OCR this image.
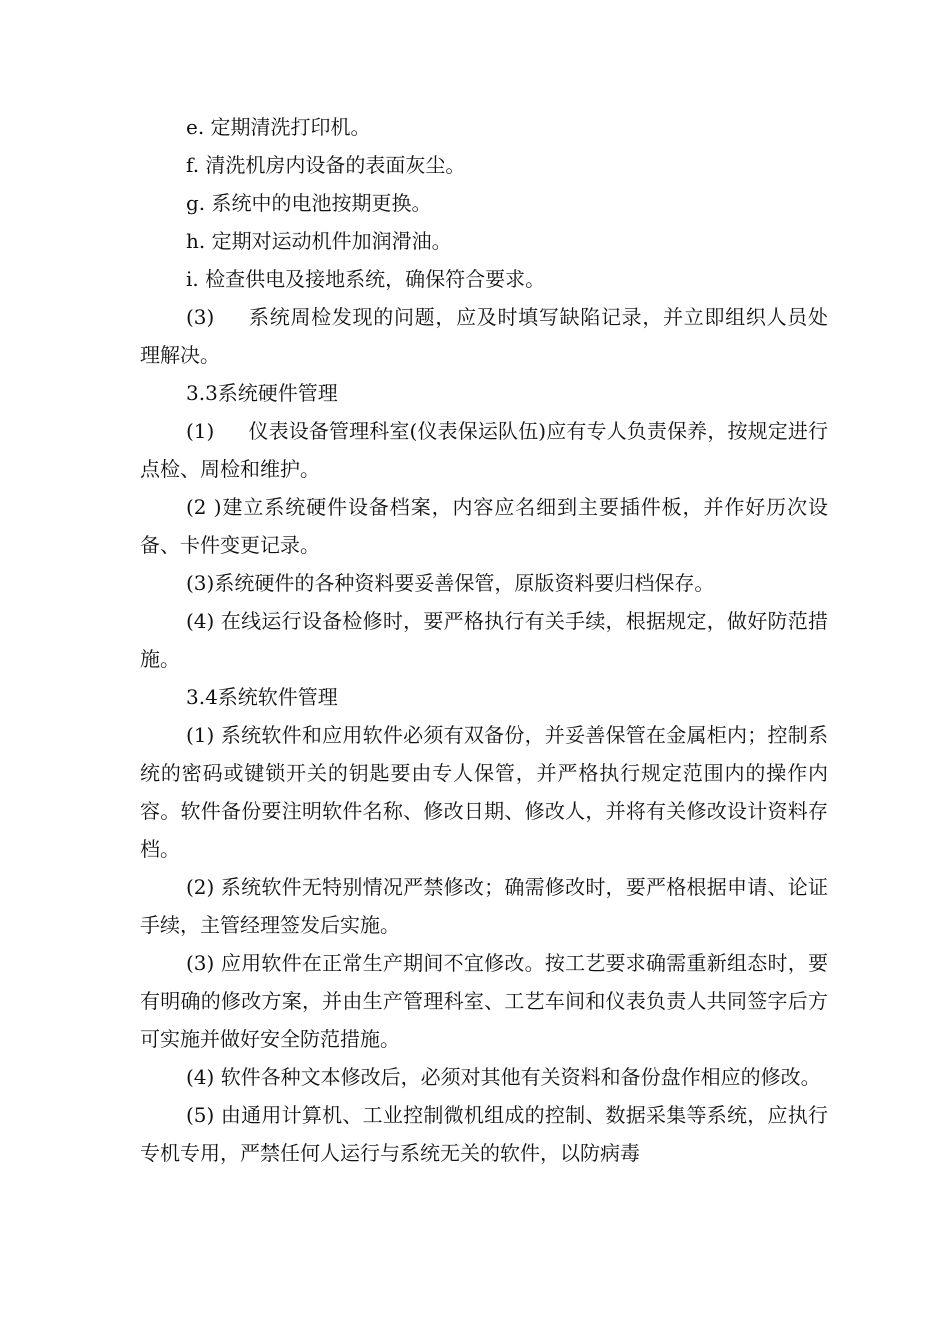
e. 定期清洗打印机。

f. 清洗机房内设备的表面灰尘。

g. 系统中的电池按期更换。

h. 定期对运动机件加润滑油。

i. 检查供电及接地系统，确保符合要求。

(3) 系统周检发现的问题，应及时填写缺陷记录，并立即组织人员处理解决。

3.3系统硬件管理

(1) 仪表设备管理科室(仪表保运队伍)应有专人负责保养，按规定进行点检、周检和维护。

(2 )建立系统硬件设备档案，内容应名细到主要插件板，并作好历次设备、卡件变更记录。

(3)系统硬件的各种资料要妥善保管，原版资料要归档保存。

(4) 在线运行设备检修时，要严格执行有关手续，根据规定，做好防范措施。

3.4系统软件管理

(1) 系统软件和应用软件必须有双备份，并妥善保管在金属柜内；控制系统的密码或键锁开关的钥匙要由专人保管，并严格执行规定范围内的操作内容。软件备份要注明软件名称、修改日期、修改人，并将有关修改设计资料存档。

(2) 系统软件无特别情况严禁修改；确需修改时，要严格根据申请、论证手续，主管经理签发后实施。

(3) 应用软件在正常生产期间不宜修改。按工艺要求确需重新组态时，要有明确的修改方案，并由生产管理科室、工艺车间和仪表负责人共同签字后方可实施并做好安全防范措施。

(4) 软件各种文本修改后，必须对其他有关资料和备份盘作相应的修改。

(5) 由通用计算机、工业控制微机组成的控制、数据采集等系统，应执行专机专用，严禁任何人运行与系统无关的软件，以防病毒
